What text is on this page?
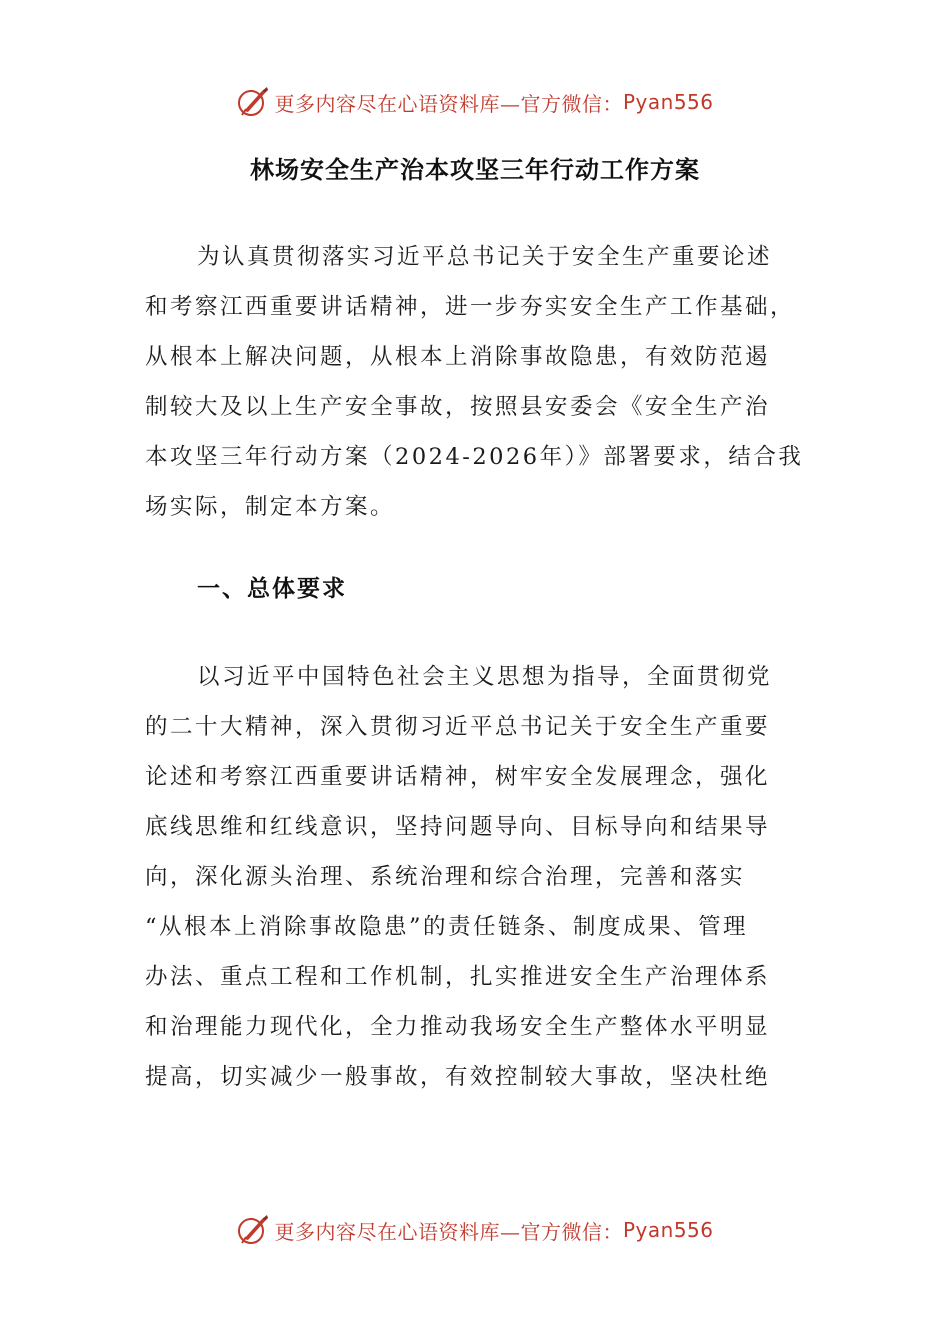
更多内容尽在心语资料库—官方微信： Pyan556
林场安全生产治本攻坚三年行动工作方案
为认真贯彻落实习近平总书记关于安全生产重要论述
和考察江西重要讲话精神，进一步夯实安全生产工作基础，
从根本上解决问题，从根本上消除事故隐患，有效防范遏
制较大及以上生产安全事故，按照县安委会《安全生产治
本攻坚三年行动方案（2024-2026年）》部署要求，结合我
场实际，制定本方案。
一、总体要求
以习近平中国特色社会主义思想为指导，全面贯彻党
的二十大精神，深入贯彻习近平总书记关于安全生产重要
论述和考察江西重要讲话精神，树牢安全发展理念，强化
底线思维和红线意识，坚持问题导向、目标导向和结果导
向，深化源头治理、系统治理和综合治理，完善和落实
“从根本上消除事故隐患”的责任链条、制度成果、管理
办法、重点工程和工作机制，扎实推进安全生产治理体系
和治理能力现代化，全力推动我场安全生产整体水平明显
提高，切实减少一般事故，有效控制较大事故，坚决杜绝
更多内容尽在心语资料库—官方微信： Pyan556
